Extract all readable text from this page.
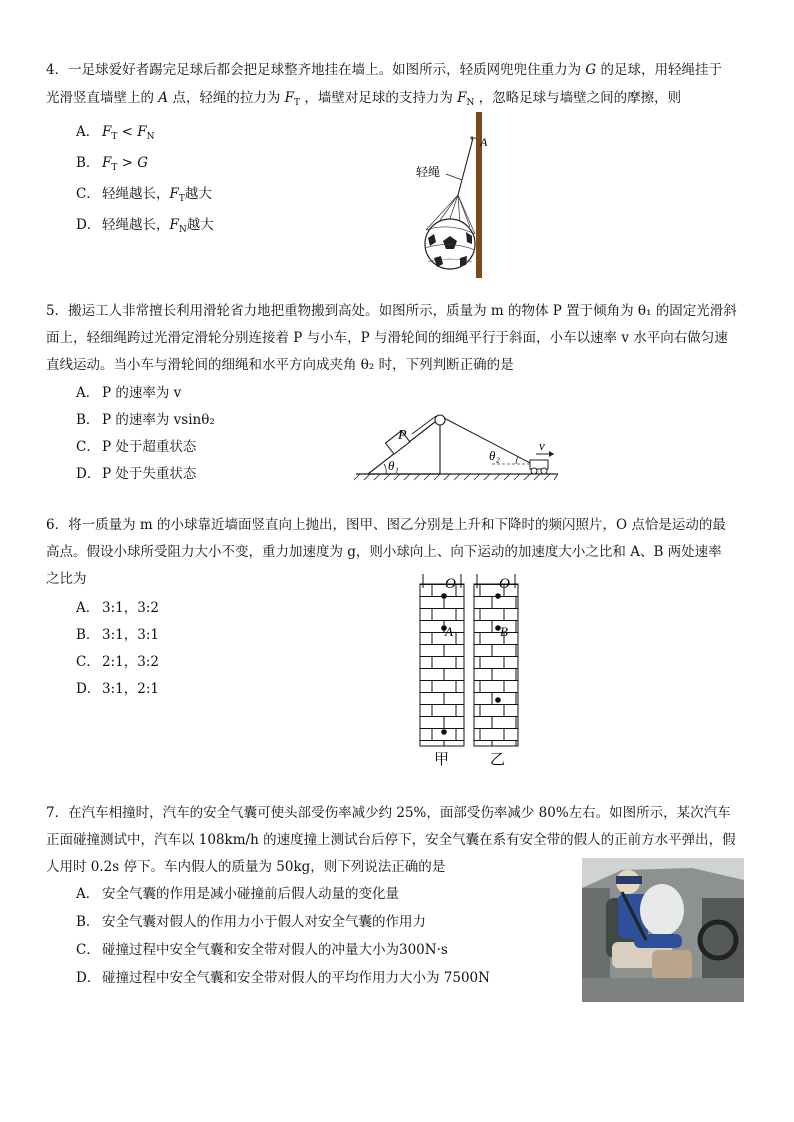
4．一足球爱好者踢完足球后都会把足球整齐地挂在墙上。如图所示，轻质网兜兜住重力为 G 的足球，用轻绳挂于
光滑竖直墙壁上的 A 点，轻绳的拉力为 $F_T$ ，墙壁对足球的支持力为 $F_N$ ，忽略足球与墙壁之间的摩擦，则

A． $F_T < F_N$
B． $F_T > G$
C． 轻绳越长，$F_T$越大
D． 轻绳越长，$F_N$越大
A
轻绳

5．搬运工人非常擅长利用滑轮省力地把重物搬到高处。如图所示，质量为 m 的物体 P 置于倾角为 θ₁ 的固定光滑斜
面上，轻细绳跨过光滑定滑轮分别连接着 P 与小车，P 与滑轮间的细绳平行于斜面，小车以速率 v 水平向右做匀速
直线运动。当小车与滑轮间的细绳和水平方向成夹角 θ₂ 时，下列判断正确的是

A． P 的速率为 v
B． P 的速率为 vsinθ₂
C． P 处于超重状态
D． P 处于失重状态
P
θ₁
θ₂
v

6．将一质量为 m 的小球靠近墙面竖直向上抛出，图甲、图乙分别是上升和下降时的频闪照片，O 点恰是运动的最
高点。假设小球所受阻力大小不变，重力加速度为 g，则小球向上、向下运动的加速度大小之比和 A、B 两处速率
之比为

A． 3:1，3:2
B． 3:1，3:1
C． 2:1，3:2
D． 3:1，2:1
O	O
A	B
甲	乙

7．在汽车相撞时，汽车的安全气囊可使头部受伤率减少约 25%，面部受伤率减少 80%左右。如图所示，某次汽车
正面碰撞测试中，汽车以 108km/h 的速度撞上测试台后停下，安全气囊在系有安全带的假人的正前方水平弹出，假
人用时 0.2s 停下。车内假人的质量为 50kg，则下列说法正确的是

A． 安全气囊的作用是减小碰撞前后假人动量的变化量
B． 安全气囊对假人的作用力小于假人对安全气囊的作用力
C． 碰撞过程中安全气囊和安全带对假人的冲量大小为300N·s
D． 碰撞过程中安全气囊和安全带对假人的平均作用力大小为 7500N
